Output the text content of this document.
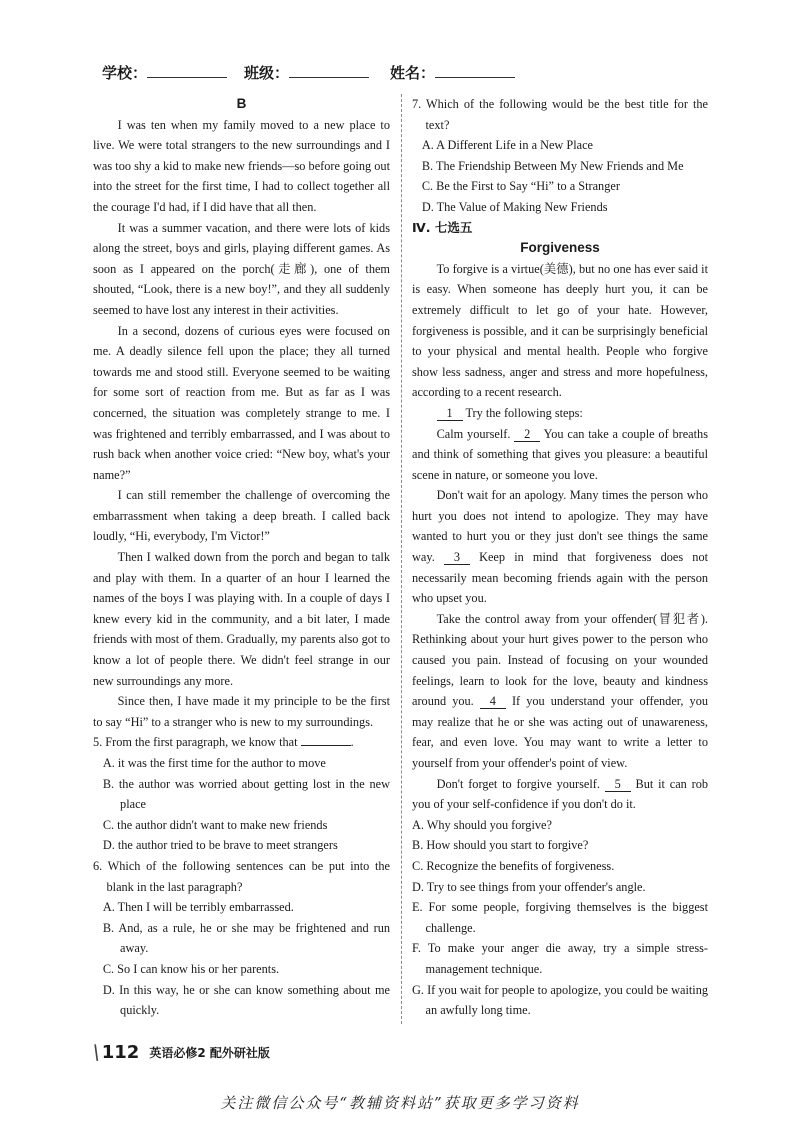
学校：	班级：	姓名：

B

I was ten when my family moved to a new place to live. We were total strangers to the new surroundings and I was too shy a kid to make new friends—so before going out into the street for the first time, I had to collect together all the courage I'd had, if I did have that all then.

It was a summer vacation, and there were lots of kids along the street, boys and girls, playing different games. As soon as I appeared on the porch(走廊), one of them shouted, “Look, there is a new boy!”, and they all suddenly seemed to have lost any interest in their activities.

In a second, dozens of curious eyes were focused on me. A deadly silence fell upon the place; they all turned towards me and stood still. Everyone seemed to be waiting for some sort of reaction from me. But as far as I was concerned, the situation was completely strange to me. I was frightened and terribly embarrassed, and I was about to rush back when another voice cried: “New boy, what's your name?”

I can still remember the challenge of overcoming the embarrassment when taking a deep breath. I called back loudly, “Hi, everybody, I'm Victor!”

Then I walked down from the porch and began to talk and play with them. In a quarter of an hour I learned the names of the boys I was playing with. In a couple of days I knew every kid in the community, and a bit later, I made friends with most of them. Gradually, my parents also got to know a lot of people there. We didn't feel strange in our new surroundings any more.

Since then, I have made it my principle to be the first to say “Hi” to a stranger who is new to my surroundings.

5. From the first paragraph, we know that	.

A. it was the first time for the author to move

B. the author was worried about getting lost in the new place

C. the author didn't want to make new friends

D. the author tried to be brave to meet strangers

6. Which of the following sentences can be put into the blank in the last paragraph?

A. Then I will be terribly embarrassed.

B. And, as a rule, he or she may be frightened and run away.

C. So I can know his or her parents.

D. In this way, he or she can know something about me quickly.

7. Which of the following would be the best title for the text?

A. A Different Life in a New Place

B. The Friendship Between My New Friends and Me

C. Be the First to Say “Hi” to a Stranger

D. The Value of Making New Friends

Ⅳ. 七选五

Forgiveness

To forgive is a virtue(美德), but no one has ever said it is easy. When someone has deeply hurt you, it can be extremely difficult to let go of your hate. However, forgiveness is possible, and it can be surprisingly beneficial to your physical and mental health. People who forgive show less sadness, anger and stress and more hopefulness, according to a recent research.

1 Try the following steps:

Calm yourself. 2 You can take a couple of breaths and think of something that gives you pleasure: a beautiful scene in nature, or someone you love.

Don't wait for an apology. Many times the person who hurt you does not intend to apologize. They may have wanted to hurt you or they just don't see things the same way. 3 Keep in mind that forgiveness does not necessarily mean becoming friends again with the person who upset you.

Take the control away from your offender(冒犯者). Rethinking about your hurt gives power to the person who caused you pain. Instead of focusing on your wounded feelings, learn to look for the love, beauty and kindness around you. 4 If you understand your offender, you may realize that he or she was acting out of unawareness, fear, and even love. You may want to write a letter to yourself from your offender's point of view.

Don't forget to forgive yourself. 5 But it can rob you of your self-confidence if you don't do it.

A. Why should you forgive?

B. How should you start to forgive?

C. Recognize the benefits of forgiveness.

D. Try to see things from your offender's angle.

E. For some people, forgiving themselves is the biggest challenge.

F. To make your anger die away, try a simple stress-management technique.

G. If you wait for people to apologize, you could be waiting an awfully long time.

\ 112 英语必修2 配外研社版
关注微信公众号“教辅资料站”获取更多学习资料
